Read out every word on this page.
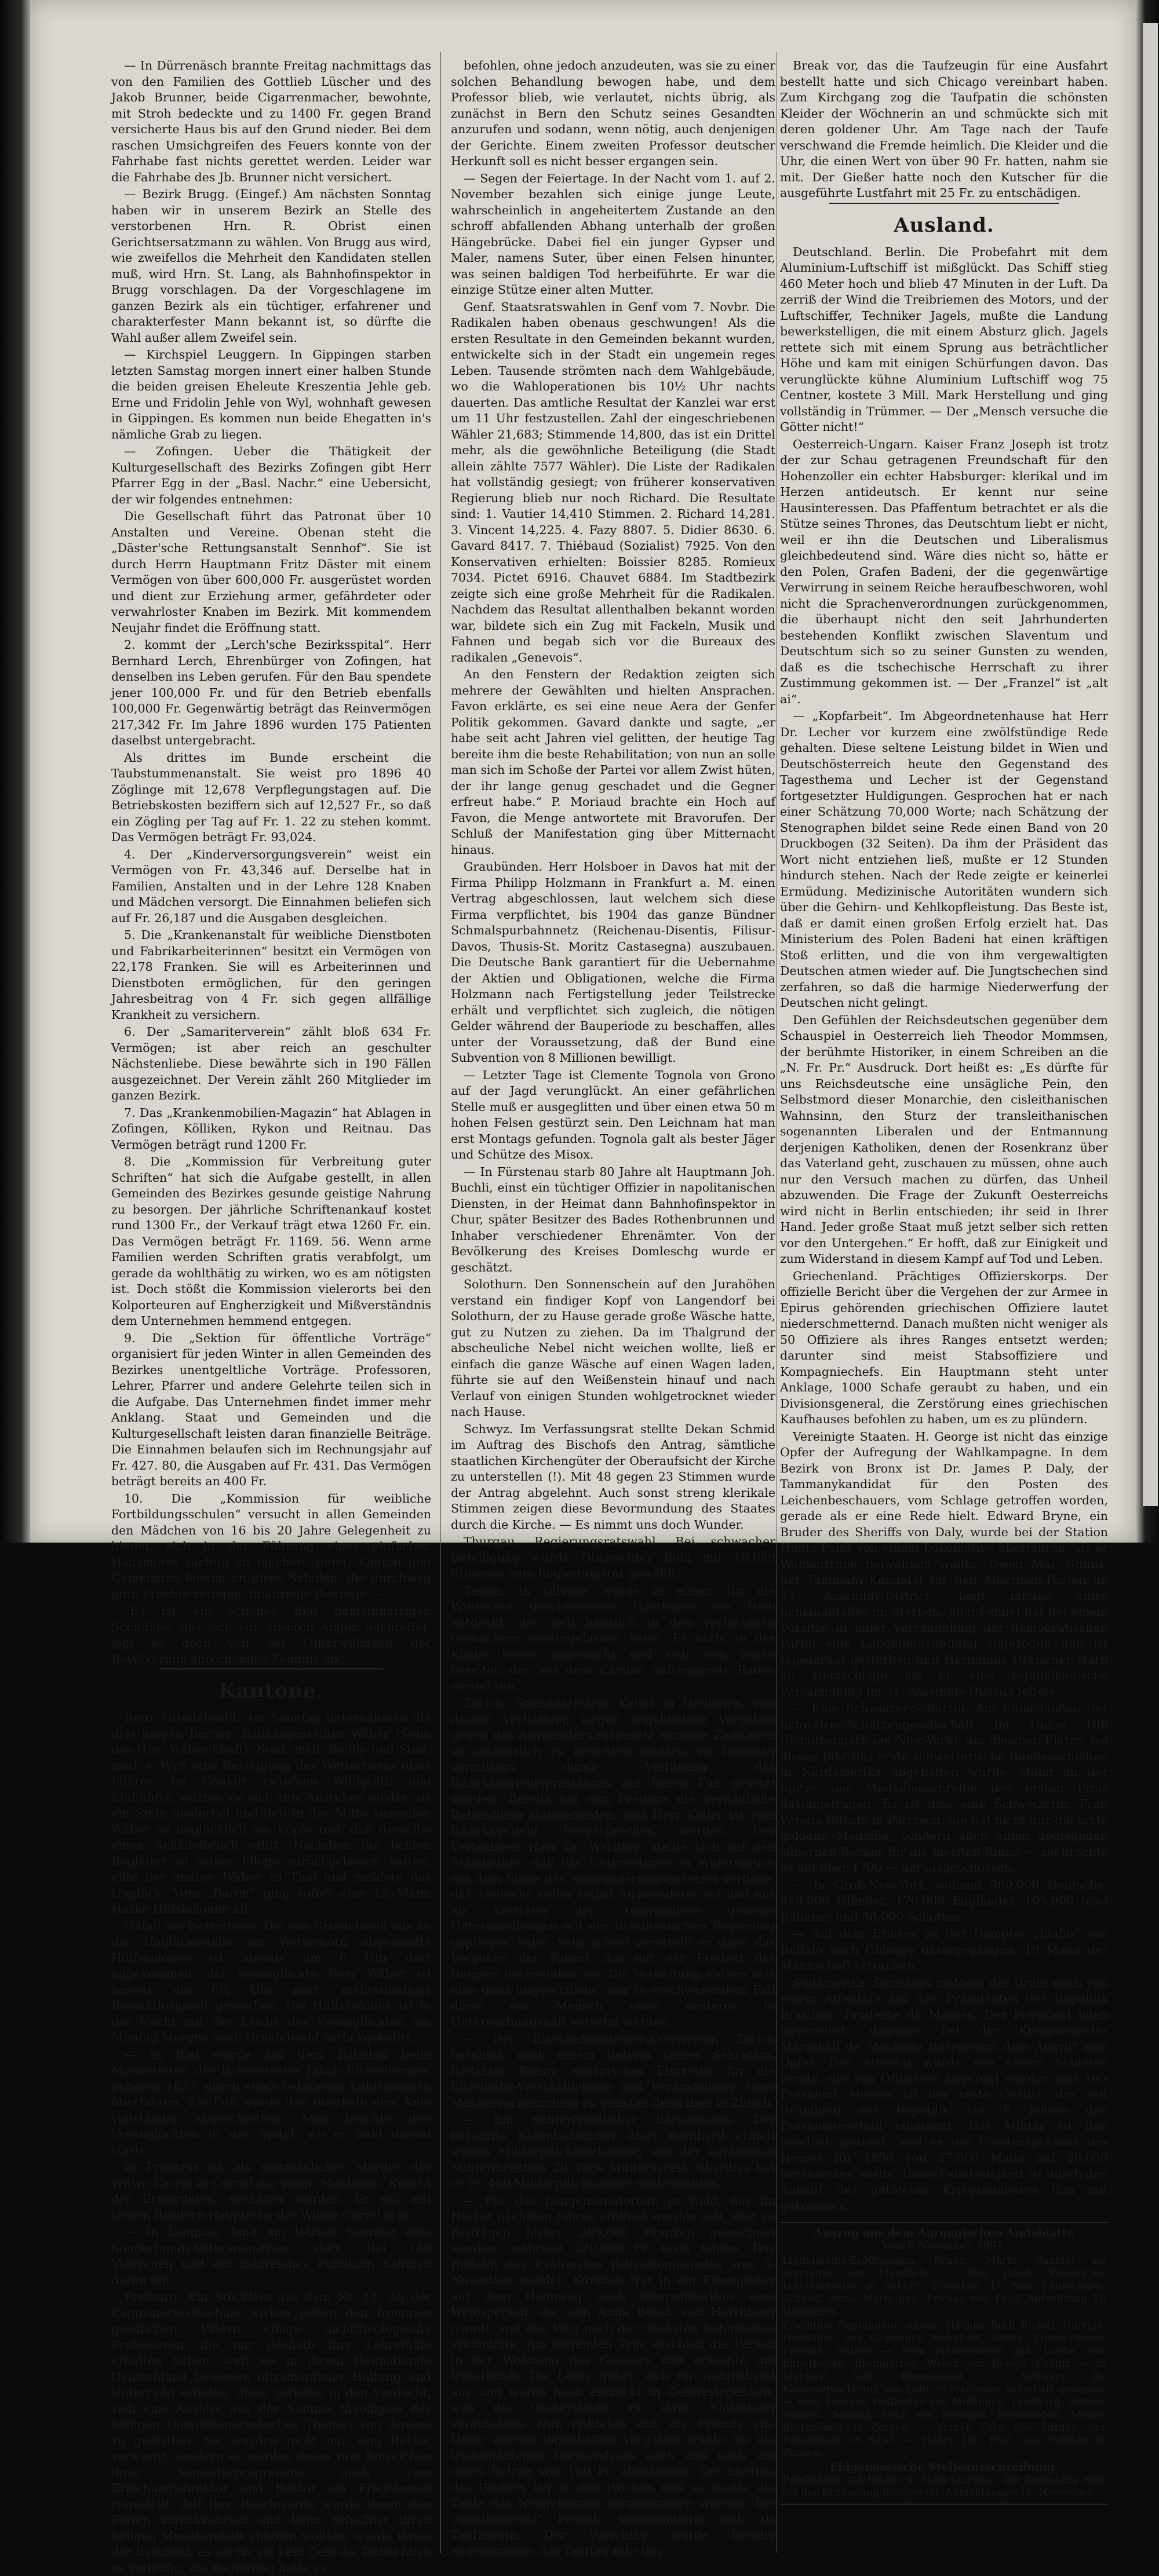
— In Dürrenäsch brannte Freitag nachmittags das von den Familien des Gottlieb Lüscher und des Jakob Brunner, beide Cigarrenmacher, bewohnte, mit Stroh bedeckte und zu 1400 Fr. gegen Brand versicherte Haus bis auf den Grund nieder. Bei dem raschen Umsichgreifen des Feuers konnte von der Fahrhabe fast nichts gerettet werden. Leider war die Fahrhabe des Jb. Brunner nicht versichert.

— Bezirk Brugg. (Eingef.) Am nächsten Sonntag haben wir in unserem Bezirk an Stelle des verstorbenen Hrn. R. Obrist einen Gerichtsersatzmann zu wählen. Von Brugg aus wird, wie zweifellos die Mehrheit den Kandidaten stellen muß, wird Hrn. St. Lang, als Bahnhofinspektor in Brugg vorschlagen. Da der Vorgeschlagene im ganzen Bezirk als ein tüchtiger, erfahrener und charakterfester Mann bekannt ist, so dürfte die Wahl außer allem Zweifel sein.

— Kirchspiel Leuggern. In Gippingen starben letzten Samstag morgen innert einer halben Stunde die beiden greisen Eheleute Kreszentia Jehle geb. Erne und Fridolin Jehle von Wyl, wohnhaft gewesen in Gippingen. Es kommen nun beide Ehegatten in's nämliche Grab zu liegen.

— Zofingen. Ueber die Thätigkeit der Kulturgesellschaft des Bezirks Zofingen gibt Herr Pfarrer Egg in der „Basl. Nachr.“ eine Uebersicht, der wir folgendes entnehmen:

Die Gesellschaft führt das Patronat über 10 Anstalten und Vereine. Obenan steht die „Däster'sche Rettungsanstalt Sennhof“. Sie ist durch Herrn Hauptmann Fritz Däster mit einem Vermögen von über 600,000 Fr. ausgerüstet worden und dient zur Erziehung armer, gefährdeter oder verwahrloster Knaben im Bezirk. Mit kommendem Neujahr findet die Eröffnung statt.

2. kommt der „Lerch'sche Bezirksspital“. Herr Bernhard Lerch, Ehrenbürger von Zofingen, hat denselben ins Leben gerufen. Für den Bau spendete jener 100,000 Fr. und für den Betrieb ebenfalls 100,000 Fr. Gegenwärtig beträgt das Reinvermögen 217,342 Fr. Im Jahre 1896 wurden 175 Patienten daselbst untergebracht.

Als drittes im Bunde erscheint die Taubstummenanstalt. Sie weist pro 1896 40 Zöglinge mit 12,678 Verpflegungstagen auf. Die Betriebskosten beziffern sich auf 12,527 Fr., so daß ein Zögling per Tag auf Fr. 1. 22 zu stehen kommt. Das Vermögen beträgt Fr. 93,024.

4. Der „Kinderversorgungsverein“ weist ein Vermögen von Fr. 43,346 auf. Derselbe hat in Familien, Anstalten und in der Lehre 128 Knaben und Mädchen versorgt. Die Einnahmen beliefen sich auf Fr. 26,187 und die Ausgaben desgleichen.

5. Die „Krankenanstalt für weibliche Dienstboten und Fabrikarbeiterinnen“ besitzt ein Vermögen von 22,178 Franken. Sie will es Arbeiterinnen und Dienstboten ermöglichen, für den geringen Jahresbeitrag von 4 Fr. sich gegen allfällige Krankheit zu versichern.

6. Der „Samariterverein“ zählt bloß 634 Fr. Vermögen; ist aber reich an geschulter Nächstenliebe. Diese bewährte sich in 190 Fällen ausgezeichnet. Der Verein zählt 260 Mitglieder im ganzen Bezirk.

7. Das „Krankenmobilien-Magazin“ hat Ablagen in Zofingen, Kölliken, Rykon und Reitnau. Das Vermögen beträgt rund 1200 Fr.

8. Die „Kommission für Verbreitung guter Schriften“ hat sich die Aufgabe gestellt, in allen Gemeinden des Bezirkes gesunde geistige Nahrung zu besorgen. Der jährliche Schriftenankauf kostet rund 1300 Fr., der Verkauf trägt etwa 1260 Fr. ein. Das Vermögen beträgt Fr. 1169. 56. Wenn arme Familien werden Schriften gratis verabfolgt, um gerade da wohlthätig zu wirken, wo es am nötigsten ist. Doch stößt die Kommission vielerorts bei den Kolporteuren auf Engherzigkeit und Mißverständnis dem Unternehmen hemmend entgegen.

9. Die „Sektion für öffentliche Vorträge“ organisiert für jeden Winter in allen Gemeinden des Bezirkes unentgeltliche Vorträge. Professoren, Lehrer, Pfarrer und andere Gelehrte teilen sich in die Aufgabe. Das Unternehmen findet immer mehr Anklang. Staat und Gemeinden und die Kulturgesellschaft leisten daran finanzielle Beiträge. Die Einnahmen belaufen sich im Rechnungsjahr auf Fr. 427. 80, die Ausgaben auf Fr. 431. Das Vermögen beträgt bereits an 400 Fr.

10. Die „Kommission für weibliche Fortbildungsschulen“ versucht in allen Gemeinden den Mädchen von 16 bis 20 Jahre Gelegenheit zu bieten, sich in der Führung eines einfachen Haushaltes tüchtig zu machen. Bund, Kanton und Gemeinden leisten an diese Schulen, die durchweg gute Früchte zeitigen, finanzielle Beiträge. —

„Es ist ein schönes Bild gemeinnützigen Schaffens, das sich vor unseren Augen ausbreitet, legt es doch von der Opferwilligkeit der Bevölkerung sprechendes Zeugnis ab.“

Kantone.

Bern. Grindelwald. Am Sonntag unternahmen die drei jungen Berner: Bankangestellter Wäber (Sohn des Hrn. Wäber-Lindt), Stud. med. Biehly und Stud. med. v. Wyß eine Besteigung des Wetterhorns ohne Führer. Im Couloir zwischen Wildgrätli und Klubhütte, setzten sie sich zum Ausruhen nieder, als ein Stein niederfiel und den in der Mitte sitzenden Wäber so unglücklich am Kopfe traf, daß derselbe einen Schädelbruch erlitt. Nachdem die beiden Begleiter zu seiner Pflege zurückgelassen hatten, eilte der andere Wäber zu Thal und meldete das Unglück. Vom „Bären“ ging sofort eine 12 Mann starke Hilfskolonne ab.

Unfall am Wetterhorn. Die von Grindelwald aus an die Unglücksstelle am Wetterhorn abgesandte Hülfskolonne ist abends um 6 Uhr dort angekommen; der verunglückte Herr Wäber ist bereits um 6½ Uhr nach mehrstündiger Bewußtlosigkeit gestorben. Die Hülfskolonne ist in der Nacht mit der Leiche des Verunglückten am Montag Morgen nach Grindelwald zurückgekehrt.

— In Biel wurde auf dem Bahnhof beim Manövrieren der Bahnarbeiter Jakob Eichenberger, geboren 1827, durch einen beladenen Kohlenwagen überfahren. Ein Fuß wurde ihm oberhalb dem Knie vollständig abgeschnitten. Man brachte den Verunglückten in das Spital, wo er bald darauf starb.

In Pruntrut ist als mutmaßlicher Mörder der Witwe Carrel in Cornol der junge Montavon, Knecht der Ermordeten, verhaftet worden. Er soll mit seinen Brüdern Haupterbe der Witwe Carrel sein.

— In Langnau fand am letzten Sonntag eine Sonderbunds-Veteranen-Feier statt. Bei 150 Veteranen und ein zahlreiches Publikum nahmen daran teil.

Freiburg. Ein Stücklein aus dem Nr. 13. An der Kapuzinerhochschule wirken neben den frommen geistlichen Vätern einige nichttheologische Professoren, die nur deshalb ihre Lehrstühle erhalten haben, weil sie in ihrem Heimatlande Deutschland bewiesen ultramontaner Haltung und Unterricht erteilen; diese gerieten in den Verdacht, sich eine Auslese aus der Summa theologiae des heiligen Dominikanermönches Thomas von Aquino zu gestatten. Sie wurden nicht nur vom Rektor verwarnt, sondern es wurden ihnen zum Einreichen ihrer Semesterprogramme auch vom Erziehungsdirektor und Rektor ein Fragebogen zugestellt. Auf ihre Beschwerde wurde ihnen den Ferien zurückkehrten und beim Schaffner ihren fälligen Monatsgehalt abholen wollten, wurde ihnen der Bescheid, es sei für sie kein Geld da. Dabei blieb es vorläufig, die Regierung hatte es

befohlen, ohne jedoch anzudeuten, was sie zu einer solchen Behandlung bewogen habe, und dem Professor blieb, wie verlautet, nichts übrig, als zunächst in Bern den Schutz seines Gesandten anzurufen und sodann, wenn nötig, auch denjenigen der Gerichte. Einem zweiten Professor deutscher Herkunft soll es nicht besser ergangen sein.

— Segen der Feiertage. In der Nacht vom 1. auf 2. November bezahlen sich einige junge Leute, wahrscheinlich in angeheitertem Zustande an den schroff abfallenden Abhang unterhalb der großen Hängebrücke. Dabei fiel ein junger Gypser und Maler, namens Suter, über einen Felsen hinunter, was seinen baldigen Tod herbeiführte. Er war die einzige Stütze einer alten Mutter.

Genf. Staatsratswahlen in Genf vom 7. Novbr. Die Radikalen haben obenaus geschwungen! Als die ersten Resultate in den Gemeinden bekannt wurden, entwickelte sich in der Stadt ein ungemein reges Leben. Tausende strömten nach dem Wahlgebäude, wo die Wahloperationen bis 10½ Uhr nachts dauerten. Das amtliche Resultat der Kanzlei war erst um 11 Uhr festzustellen. Zahl der eingeschriebenen Wähler 21,683; Stimmende 14,800, das ist ein Drittel mehr, als die gewöhnliche Beteiligung (die Stadt allein zählte 7577 Wähler). Die Liste der Radikalen hat vollständig gesiegt; von früherer konservativen Regierung blieb nur noch Richard. Die Resultate sind: 1. Vautier 14,410 Stimmen. 2. Richard 14,281. 3. Vincent 14,225. 4. Fazy 8807. 5. Didier 8630. 6. Gavard 8417. 7. Thiébaud (Sozialist) 7925. Von den Konservativen erhielten: Boissier 8285. Romieux 7034. Pictet 6916. Chauvet 6884. Im Stadtbezirk zeigte sich eine große Mehrheit für die Radikalen. Nachdem das Resultat allenthalben bekannt worden war, bildete sich ein Zug mit Fackeln, Musik und Fahnen und begab sich vor die Bureaux des radikalen „Genevois“.

An den Fenstern der Redaktion zeigten sich mehrere der Gewählten und hielten Ansprachen. Favon erklärte, es sei eine neue Aera der Genfer Politik gekommen. Gavard dankte und sagte, „er habe seit acht Jahren viel gelitten, der heutige Tag bereite ihm die beste Rehabilitation; von nun an solle man sich im Schoße der Partei vor allem Zwist hüten, der ihr lange genug geschadet und die Gegner erfreut habe.“ P. Moriaud brachte ein Hoch auf Favon, die Menge antwortete mit Bravorufen. Der Schluß der Manifestation ging über Mitternacht hinaus.

Graubünden. Herr Holsboer in Davos hat mit der Firma Philipp Holzmann in Frankfurt a. M. einen Vertrag abgeschlossen, laut welchem sich diese Firma verpflichtet, bis 1904 das ganze Bündner Schmalspurbahnnetz (Reichenau-Disentis, Filisur-Davos, Thusis-St. Moritz Castasegna) auszubauen. Die Deutsche Bank garantiert für die Uebernahme der Aktien und Obligationen, welche die Firma Holzmann nach Fertigstellung jeder Teilstrecke erhält und verpflichtet sich zugleich, die nötigen Gelder während der Bauperiode zu beschaffen, alles unter der Voraussetzung, daß der Bund eine Subvention von 8 Millionen bewilligt.

— Letzter Tage ist Clemente Tognola von Grono auf der Jagd verunglückt. An einer gefährlichen Stelle muß er ausgeglitten und über einen etwa 50 m hohen Felsen gestürzt sein. Den Leichnam hat man erst Montags gefunden. Tognola galt als bester Jäger und Schütze des Misox.

— In Fürstenau starb 80 Jahre alt Hauptmann Joh. Buchli, einst ein tüchtiger Offizier in napolitanischen Diensten, in der Heimat dann Bahnhofinspektor in Chur, später Besitzer des Bades Rothenbrunnen und Inhaber verschiedener Ehrenämter. Von der Bevölkerung des Kreises Domleschg wurde er geschätzt.

Solothurn. Den Sonnenschein auf den Jurahöhen verstand ein findiger Kopf von Langendorf bei Solothurn, der zu Hause gerade große Wäsche hatte, gut zu Nutzen zu ziehen. Da im Thalgrund der abscheuliche Nebel nicht weichen wollte, ließ er einfach die ganze Wäsche auf einen Wagen laden, führte sie auf den Weißenstein hinauf und nach Verlauf von einigen Stunden wohlgetrocknet wieder nach Hause.

Schwyz. Im Verfassungsrat stellte Dekan Schmid im Auftrag des Bischofs den Antrag, sämtliche staatlichen Kirchengüter der Oberaufsicht der Kirche zu unterstellen (!). Mit 48 gegen 23 Stimmen wurde der Antrag abgelehnt. Auch sonst streng klerikale Stimmen zeigen diese Bevormundung des Staates durch die Kirche. — Es nimmt uns doch Wunder.

Thurgau. Regierungsratswahl. Bei schwacher Beteiligung wurde Oberrichter Böhi mit 16,089 Stimmen zum Regierungsrat gewählt.

Tessin. In Olivone wurde in einem für die Winterzeit geschlossenen Gasthause ein Dieb entdeckt, der sich häuslich in den verlassenen Gemächern niedergelassen hatte. Er hatte in der Küche Feuer angemacht und sich sein Essen bereitet; der aus dem Kamine aufsteigende Rauch verriet ihn.

Zürich. Sekundarlehrer Keller in Hedingen, von dessen Verhaftung wegen angeblichem Vergehen gegen das Auswanderungsgesetz einzelne Zeitungen so ausführlich zu berichten wußten, ist Dienstag vormittags durch Verfügung des Bezirksgerichtspräsidiums auf freien Fuß gesetzt worden. Bereits hat nun Freitags die gerichtliche Behandlung stattgefunden, und Herr Keller ist vom Bezirksgericht freigesprochen worden. Der Verteidiger, Herr Dr. Weisflog, stellte sich auf den Standpunkt, daß das Unternehmen in Widerspruch mit dem Sinne des Auswanderungsgesetzes vorliege, daß vielmehr Keller selbst Auswanderer sei und nur als Vertreter der Auswanderer gewisse Unterhandlungen mit der brasilianischen Regierung gepflogen habe. Sehr scharf verurteilt er dann das Vorgehen der Polizei, das mit der Freiheit des Bürgers unvereinbar sei. Die Verhaftung Kellers war eine ganz ungesetzliche; nur in erschwerendem Fall dürfe ein Mensch ohne weiteres in Untersuchungshaft versetzt werden.

— Der Eisenbahnarbeiter-Kreisverein Zürich beschloß nach einem Referat seines Sekretärs, Redaktor Bohny, energisches Eintreten für die Eisenbahn-Verstaatlichung und Veranstaltung einer Massenversammlung zu gunsten derselben in Zürich.

— Ein militärfeindlicher Börsenmann. Der bekannte Ratenlosbändler Alois Bernhard erhielt wegen Militärpflichtverletzung von der kantonalen Militärdirektion 20 Tage Militärarrest; überdies hat er Fr. 460 Militärpflichtsteuer nachzuzahlen.

— Für das Lungensanatorium in Wald, das im Herbst nächsten Jahres eröffnet werden soll, sind an Beiträgen bisher 289,000 Franken gezeichnet worden, während 220,000 Fr. noch fehlen. Das Bulletin des kantonalen Polizeikommandos vom 5. November meldet: Kürzlich trat in ein Eisengießer auf dem Heimweg nach Oberwinterthur eine Weibsperson, die sich Anna Büsch von Herrliberg nannte und den Weg nach der nächsten Bahnstation erkundigte. Am folgenden Tage erschien die Person in der Wohnung des Giessers und ersuchte um Unterkunft. Die Leute gaben sich für wohlhabend aus und waren hoch entzückt in Geldverlegenheit, was die Gießersleute zu ihrer Entlastung veranlaßten. Nun richteten sich die Fremde ein. Unter allerlei lügenhaften Vorgaben wußte sie die leichtgläubigen Giessersleute nach und nach um einen Betrag von 160 Fr. abzulocken. Die Ehefrau des Gießers lag in den Wochen und so mußte die Taufe des Neugebornen vorgenommen werden. Die „wohlhabende“ Fremde kommandierte sich als Taufzeugin. Der Vorschlag wurde freudig angenommen. Am Tauftag fuhr das

Break vor, das die Taufzeugin für eine Ausfahrt bestellt hatte und sich Chicago vereinbart haben. Zum Kirchgang zog die Taufpatin die schönsten Kleider der Wöchnerin an und schmückte sich mit deren goldener Uhr. Am Tage nach der Taufe verschwand die Fremde heimlich. Die Kleider und die Uhr, die einen Wert von über 90 Fr. hatten, nahm sie mit. Der Gießer hatte noch den Kutscher für die ausgeführte Lustfahrt mit 25 Fr. zu entschädigen.

Ausland.

Deutschland. Berlin. Die Probefahrt mit dem Aluminium-Luftschiff ist mißglückt. Das Schiff stieg 460 Meter hoch und blieb 47 Minuten in der Luft. Da zerriß der Wind die Treibriemen des Motors, und der Luftschiffer, Techniker Jagels, mußte die Landung bewerkstelligen, die mit einem Absturz glich. Jagels rettete sich mit einem Sprung aus beträchtlicher Höhe und kam mit einigen Schürfungen davon. Das verunglückte kühne Aluminium Luftschiff wog 75 Centner, kostete 3 Mill. Mark Herstellung und ging vollständig in Trümmer. — Der „Mensch versuche die Götter nicht!“

Oesterreich-Ungarn. Kaiser Franz Joseph ist trotz der zur Schau getragenen Freundschaft für den Hohenzoller ein echter Habsburger: klerikal und im Herzen antideutsch. Er kennt nur seine Hausinteressen. Das Pfaffentum betrachtet er als die Stütze seines Thrones, das Deutschtum liebt er nicht, weil er ihn die Deutschen und Liberalismus gleichbedeutend sind. Wäre dies nicht so, hätte er den Polen, Grafen Badeni, der die gegenwärtige Verwirrung in seinem Reiche heraufbeschworen, wohl nicht die Sprachenverordnungen zurückgenommen, die überhaupt nicht den seit Jahrhunderten bestehenden Konflikt zwischen Slaventum und Deutschtum sich so zu seiner Gunsten zu wenden, daß es die tschechische Herrschaft zu ihrer Zustimmung gekommen ist. — Der „Franzel“ ist „alt ai“.

— „Kopfarbeit“. Im Abgeordnetenhause hat Herr Dr. Lecher vor kurzem eine zwölfstündige Rede gehalten. Diese seltene Leistung bildet in Wien und Deutschösterreich heute den Gegenstand des Tagesthema und Lecher ist der Gegenstand fortgesetzter Huldigungen. Gesprochen hat er nach einer Schätzung 70,000 Worte; nach Schätzung der Stenographen bildet seine Rede einen Band von 20 Druckbogen (32 Seiten). Da ihm der Präsident das Wort nicht entziehen ließ, mußte er 12 Stunden hindurch stehen. Nach der Rede zeigte er keinerlei Ermüdung. Medizinische Autoritäten wundern sich über die Gehirn- und Kehlkopfleistung. Das Beste ist, daß er damit einen großen Erfolg erzielt hat. Das Ministerium des Polen Badeni hat einen kräftigen Stoß erlitten, und die von ihm vergewaltigten Deutschen atmen wieder auf. Die Jungtschechen sind zerfahren, so daß die harmige Niederwerfung der Deutschen nicht gelingt.

Den Gefühlen der Reichsdeutschen gegenüber dem Schauspiel in Oesterreich lieh Theodor Mommsen, der berühmte Historiker, in einem Schreiben an die „N. Fr. Pr.“ Ausdruck. Dort heißt es: „Es dürfte für uns Reichsdeutsche eine unsägliche Pein, den Selbstmord dieser Monarchie, den cisleithanischen Wahnsinn, den Sturz der transleithanischen sogenannten Liberalen und der Entmannung derjenigen Katholiken, denen der Rosenkranz über das Vaterland geht, zuschauen zu müssen, ohne auch nur den Versuch machen zu dürfen, das Unheil abzuwenden. Die Frage der Zukunft Oesterreichs wird nicht in Berlin entschieden; ihr seid in Ihrer Hand. Jeder große Staat muß jetzt selber sich retten vor den Untergehen.“ Er hofft, daß zur Einigkeit und zum Widerstand in diesem Kampf auf Tod und Leben.

Griechenland. Prächtiges Offizierskorps. Der offizielle Bericht über die Vergehen der zur Armee in Epirus gehörenden griechischen Offiziere lautet niederschmetternd. Danach mußten nicht weniger als 50 Offiziere als ihres Ranges entsetzt werden; darunter sind meist Stabsoffiziere und Kompagniechefs. Ein Hauptmann steht unter Anklage, 1000 Schafe geraubt zu haben, und ein Divisionsgeneral, die Zerstörung eines griechischen Kaufhauses befohlen zu haben, um es zu plündern.

Vereinigte Staaten. H. George ist nicht das einzige Opfer der Aufregung der Wahlkampagne. In dem Bezirk von Bronx ist Dr. James P. Daly, der Tammanykandidat für den Posten des Leichenbeschauers, vom Schlage getroffen worden, gerade als er eine Rede hielt. Edward Bryne, ein Bruder des Sheriffs von Daly, wurde bei der Station Hunts Point von einem Lokomotive überfahren, als er Wahlaufzüge beiwohnen wollte. Owen Mac Ginnis, der Tammany-Kandidat für den Aldermen-Posten im 33. Assembly-District, liegt infolge eines Schlaganfalles im Sterben. John Fennel hat bei einem Vorsitze in einer Versammlung der demokratischen Partei eine Lungenentzündung zugezogen und ist tagsdarauf gestorben und Herminius Dreischer starb an Herzschlage als er eine republikanische Versammlung im 34. Assembly-District leitete.

— Eine Schweizer-Schützin. Am Endschießen der Schweizer-Schützengesellschaft im Union Hill (Schützenpark bei New-York), am gleichen Platze, wo dieses Jahr das erste schweizerische Bundesschießen in Nordamerika abgehalten wurde, stand an der Spitze der Medaillenschreibe des ersten Preis davongetragen. Es ist dies eine Schweizerin, Frau Verena Ritschi in Paterson. Sie hat nicht nur die erste goldene Medaille, sondern auch einen gediegenen silbernen Becher für die meisten Ringe — sie brachte es auf über 1700 — herausgeschossen.

— In Groß-New-York wohnen 900,000 Deutsche, 850,000 Irländer, 170,000 Engländer, 105,000 (ca.) Italiener und 50,000 Schotten.

— Auf dem Eriesee ist der Dampfer „Idaho“ von Buffalo nach Chicago untergegangen. 19 Mann der Mannschaft ertranken.

Südamerika. Samstags meldete der Draht noch von einem Attentate auf den Präsidenten der Republik Brasilien, Prudente de Moraes. Der Präsident blieb unversehrt; dagegen fiel der Kriegsminister Marschall de Machado Bittencourt dem Angriff zum Opfer. Das Attentat wurde von einem Soldaten verübt, der von Offizieren angeregt worden war. Der Präsident Moraes ist der erste Civilist, der seit Gründung der Republik vor 8 Jahren den Präsidentenstuhl einnimmt. Das Militär ist ihm feindlich gesinnt, weil er die Friedenspräsenz des Heeres für 1898 von 27,000 Mann auf 20,000 herabsetzen wollte. Diese Feindseligkeit ist durch den Ankauf des getöteten Kriegsministers ihm mit gekommen.

Auszug aus dem Aargauischen Amtsblatte
Vom 6 November 1897.

Liquidations-Eröffnungen. Brugg. Märki, Samuel als Ammanns von Mandach. — Ney, Jakob, Friedrichs, Fabrikarbeiter in Scherz. Eingaben 17 Nov. Laufenburg. Schmid, Anna Maria geb. Fricker von Frick Anfechtung 18 November.

Fruchtlos Gepfändete. Aarau. Hächler-Roth Rudolf, Dürrigs, Posthalter, von Gränichen wohnhaft. Baden. Zimmermann, Fridolin, Hafner. — Frau Zimmermann geb. Laube, von Ennetbaden. Bremgarten. Weber von Boswil. Castor. — in Muntwyl, Gde. Birmenstorf. — Schwarz, Jb. Kartonagearbeiter, von Lahr, in Mellingen wohnhaft gewesen. — Frey Edmund Posthalter von Mellingen. Lenzburg. Berner, Samuel. Samuel, Sohn von Seengen. Rheinfelden. Meinle Bartholomä, in Zuzgen. — Vernet, Otto, von Zuzgen, der Polizeimann in Basel. — Häfler, Joh. Paul, von Hellikon in Zuzgen.

Eidgenössische Stelleausschreibung.

Briefträger und Packer in Stein (Aargau). Die Besoldung wird bei der Ernennung festgesetzt. Anmeldungen 16. November.
